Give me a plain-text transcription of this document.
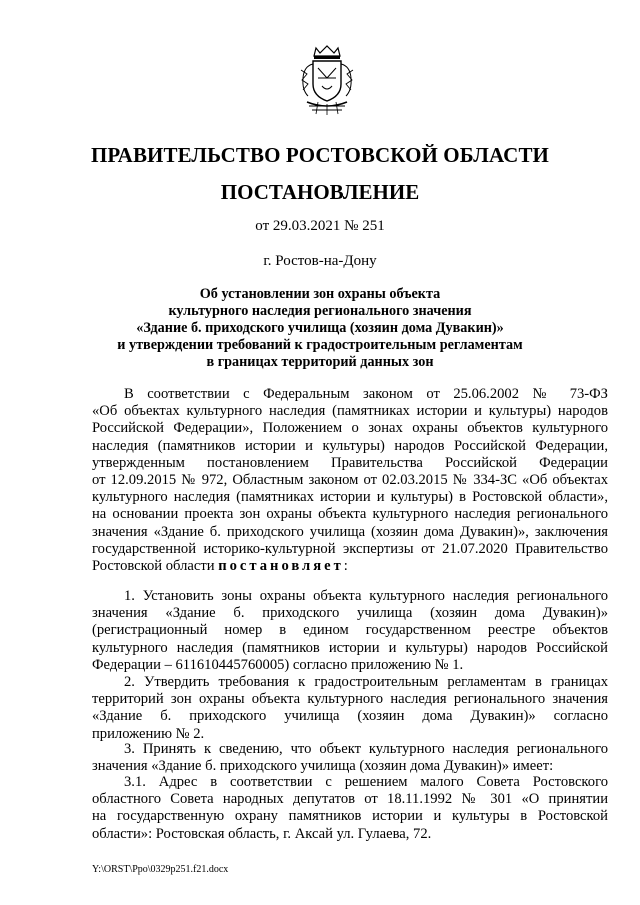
ПРАВИТЕЛЬСТВО РОСТОВСКОЙ ОБЛАСТИ
ПОСТАНОВЛЕНИЕ
от 29.03.2021 № 251
г. Ростов-на-Дону
Об установлении зон охраны объекта
культурного наследия регионального значения
«Здание б. приходского училища (хозяин дома Дувакин)»
и утверждении требований к градостроительным регламентам
в границах территорий данных зон
В соответствии с Федеральным законом от 25.06.2002 № 73-ФЗ
«Об объектах культурного наследия (памятниках истории и культуры) народов
Российской Федерации», Положением о зонах охраны объектов культурного
наследия (памятников истории и культуры) народов Российской Федерации,
утвержденным постановлением Правительства Российской Федерации
от 12.09.2015 № 972, Областным законом от 02.03.2015 № 334-ЗС «Об объектах
культурного наследия (памятниках истории и культуры) в Ростовской области»,
на основании проекта зон охраны объекта культурного наследия регионального
значения «Здание б. приходского училища (хозяин дома Дувакин)», заключения
государственной историко-культурной экспертизы от 21.07.2020 Правительство
Ростовской области постановляет:
1. Установить зоны охраны объекта культурного наследия регионального
значения «Здание б. приходского училища (хозяин дома Дувакин)»
(регистрационный номер в едином государственном реестре объектов
культурного наследия (памятников истории и культуры) народов Российской
Федерации – 611610445760005) согласно приложению № 1.
2. Утвердить требования к градостроительным регламентам в границах
территорий зон охраны объекта культурного наследия регионального значения
«Здание б. приходского училища (хозяин дома Дувакин)» согласно
приложению № 2.
3. Принять к сведению, что объект культурного наследия регионального
значения «Здание б. приходского училища (хозяин дома Дувакин)» имеет:
3.1. Адрес в соответствии с решением малого Совета Ростовского
областного Совета народных депутатов от 18.11.1992 № 301 «О принятии
на государственную охрану памятников истории и культуры в Ростовской
области»: Ростовская область, г. Аксай ул. Гулаева, 72.
Y:\ORST\Ppo\0329p251.f21.docx
